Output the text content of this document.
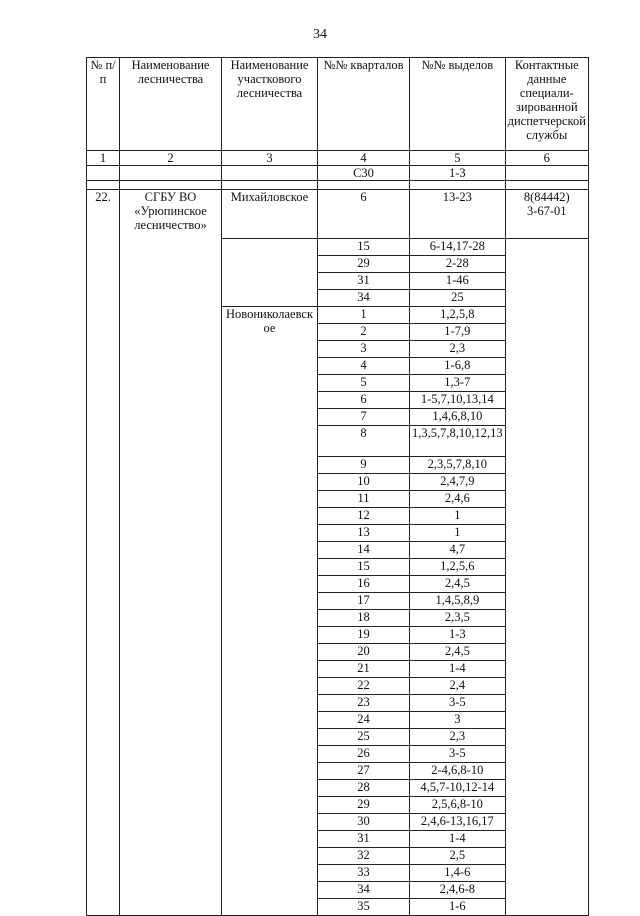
34
№ п/п	Наименование лесничества	Наименование участкового лесничества	№№ кварталов	№№ выделов	Контактные данные специали-зированной диспетчерской службы
1	2	3	4	5	6
			С30	1-3	

22.	СГБУ ВО «Урюпинское лесничество»	Михайловское	6	13-23	8(84442)
3-67-01

			15	6-14,17-28	
			29	2-28	
			31	1-46	
			34	25	
		Новониколаевское	1	1,2,5,8	
			2	1-7,9	
			3	2,3	
			4	1-6,8	
			5	1,3-7	
			6	1-5,7,10,13,14	
			7	1,4,6,8,10	
			8	1,3,5,7,8,10,12,13	
			9	2,3,5,7,8,10	
			10	2,4,7,9	
			11	2,4,6	
			12	1	
			13	1	
			14	4,7	
			15	1,2,5,6	
			16	2,4,5	
			17	1,4,5,8,9	
			18	2,3,5	
			19	1-3	
			20	2,4,5	
			21	1-4	
			22	2,4	
			23	3-5	
			24	3	
			25	2,3	
			26	3-5	
			27	2-4,6,8-10	
			28	4,5,7-10,12-14	
			29	2,5,6,8-10	
			30	2,4,6-13,16,17	
			31	1-4	
			32	2,5	
			33	1,4-6	
			34	2,4,6-8	
			35	1-6	
